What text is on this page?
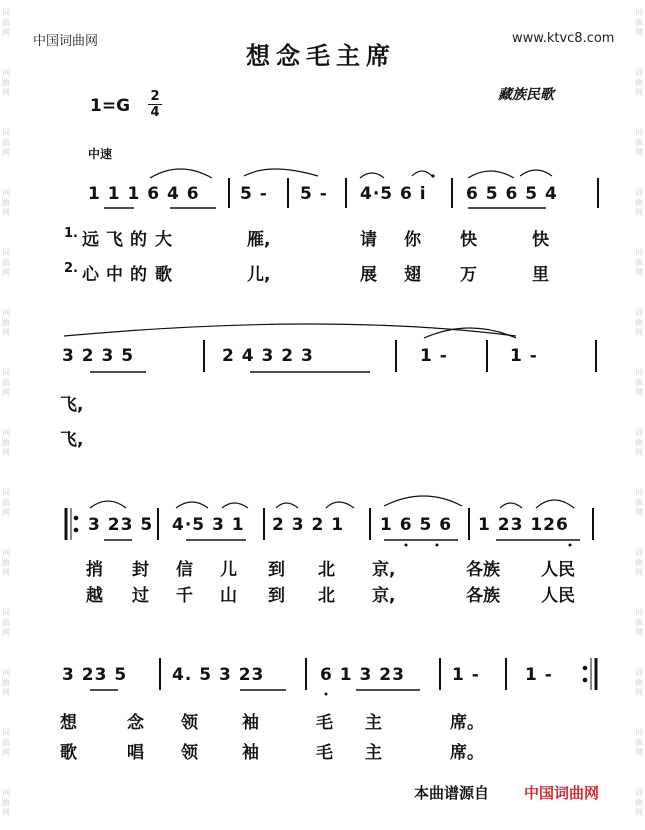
词曲网
词曲网
词曲网
词曲网
词曲网
词曲网
词曲网
词曲网
词曲网
词曲网
词曲网
词曲网
词曲网
词曲网
词曲网
词曲网
词曲网
词曲网
词曲网
词曲网
词曲网
词曲网
词曲网
词曲网
词曲网
词曲网
词曲网
词曲网
中国词曲网	www.ktvc8.com
想念毛主席
藏族民歌
1=G	2
4
中速
1 1 1 6 4 6 5 - 5 - 4·5 6 i 6 5 6 5 4
1. 远 飞 的 大	雁,	请 你 快	快
2. 心 中 的 歌	儿,	展 翅 万	里
3 2 3 5	2 4 3 2 3	1 -	1 -
飞,
飞,
3 23 5 4·5 3 1 2 3 2 1 1 6 5 6 1 23 126
捎 封 信 儿 到 北 京,	各族 人民
越 过 千 山 到 北 京,	各族 人民
3 23 5	4. 5 3 23	6 1 3 23	1 -	1 -
想	念 领	袖	毛 主	席。
歌	唱 领	袖	毛 主	席。
本曲谱源自 中国词曲网
